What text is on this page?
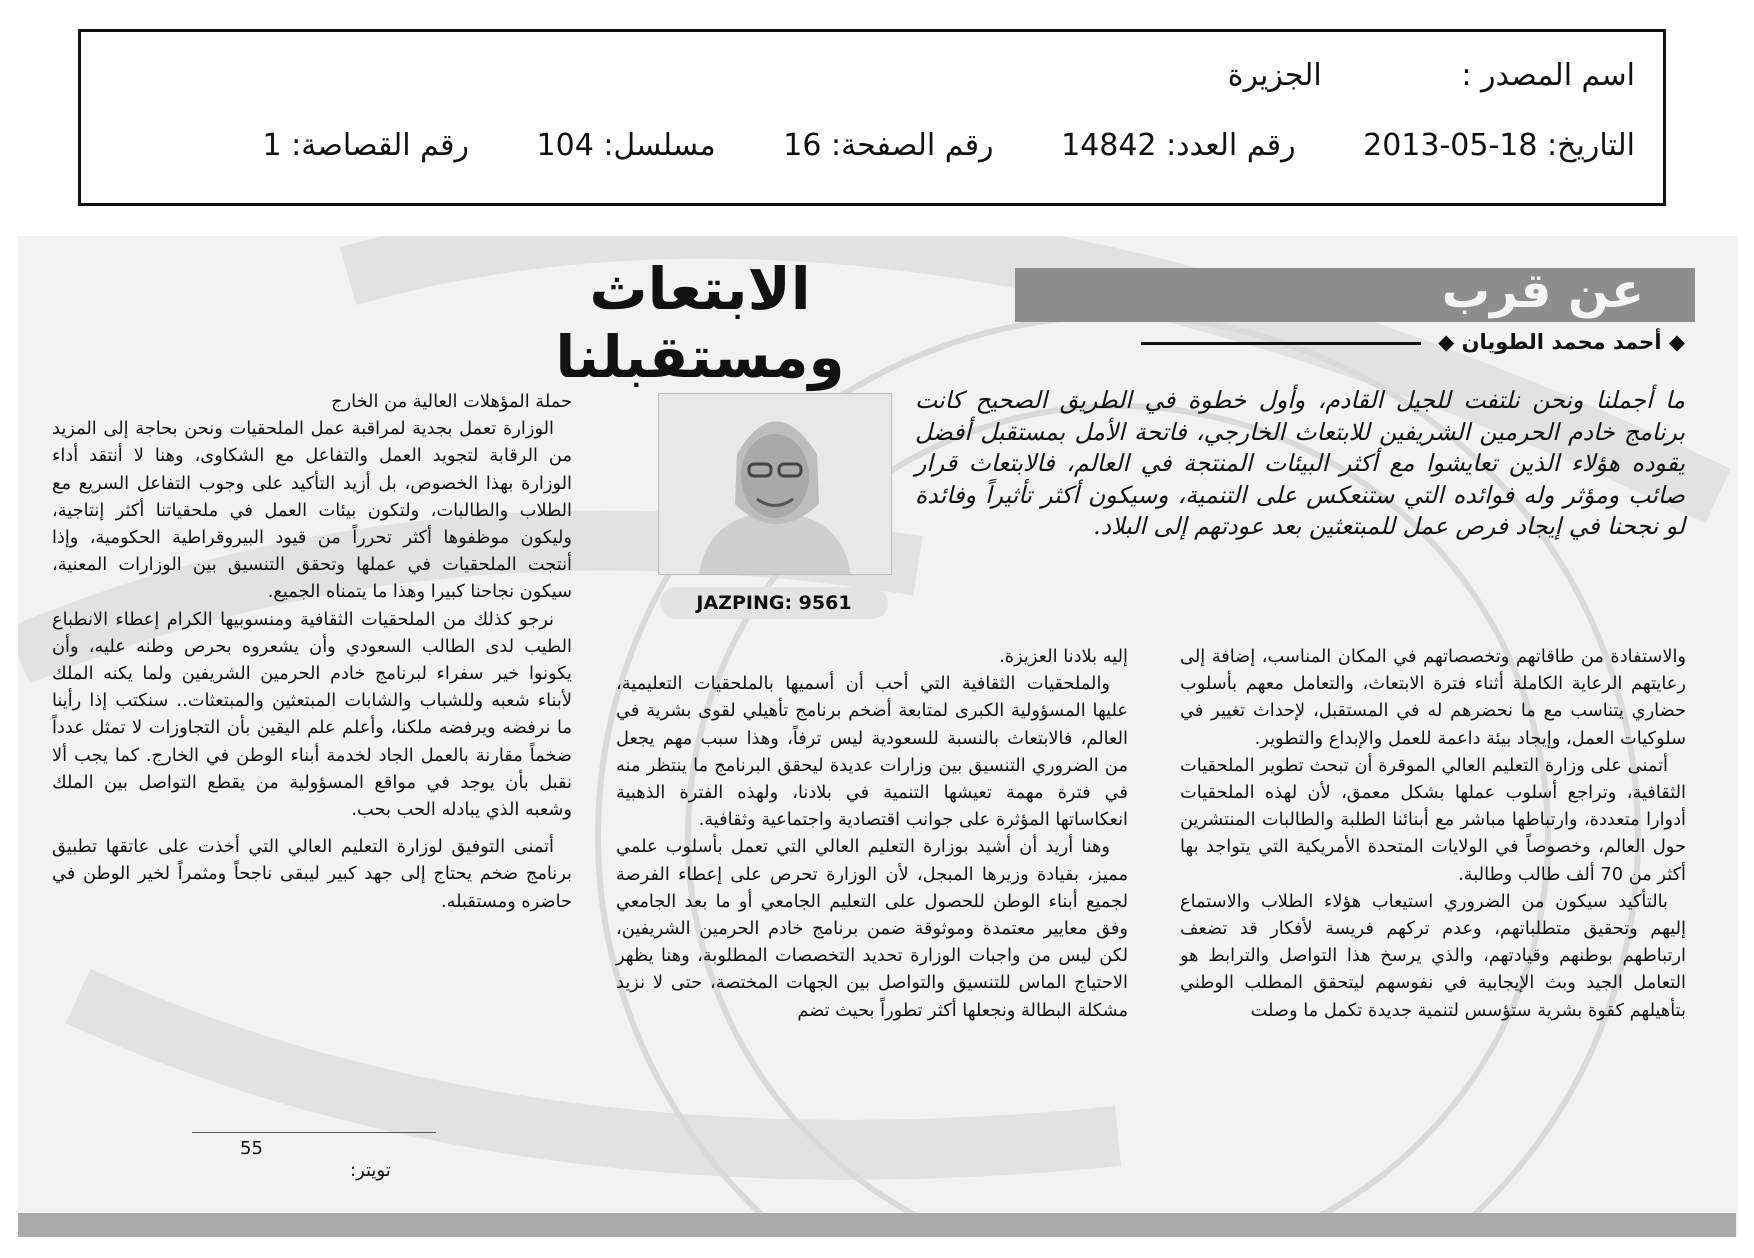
اسم المصدر : الجزيرة
التاريخ: 2013-05-18 رقم العدد: 14842 رقم الصفحة: 16 مسلسل: 104 رقم القصاصة: 1
عن قرب
الابتعاث ومستقبلنا	◆ أحمد محمد الطويان ◆
ما أجملنا ونحن نلتفت للجيل القادم، وأول خطوة في الطريق الصحيح كانت برنامج خادم الحرمين الشريفين للابتعاث الخارجي، فاتحة الأمل بمستقبل أفضل يقوده هؤلاء الذين تعايشوا مع أكثر البيئات المنتجة في العالم، فالابتعاث قرار صائب ومؤثر وله فوائده التي ستنعكس على التنمية، وسيكون أكثر تأثيراً وفائدة لو نجحنا في إيجاد فرص عمل للمبتعثين بعد عودتهم إلى البلاد.
JAZPING: 9561

والاستفادة من طاقاتهم وتخصصاتهم في المكان المناسب، إضافة إلى رعايتهم الرعاية الكاملة أثناء فترة الابتعاث، والتعامل معهم بأسلوب حضاري يتناسب مع ما نحضرهم له في المستقبل، لإحداث تغيير في سلوكيات العمل، وإيجاد بيئة داعمة للعمل والإبداع والتطوير.

أتمنى على وزارة التعليم العالي الموقرة أن تبحث تطوير الملحقيات الثقافية، وتراجع أسلوب عملها بشكل معمق، لأن لهذه الملحقيات أدوارا متعددة، وارتباطها مباشر مع أبنائنا الطلبة والطالبات المنتشرين حول العالم، وخصوصاً في الولايات المتحدة الأمريكية التي يتواجد بها أكثر من 70 ألف طالب وطالبة.

بالتأكيد سيكون من الضروري استيعاب هؤلاء الطلاب والاستماع إليهم وتحقيق متطلباتهم، وعدم تركهم فريسة لأفكار قد تضعف ارتباطهم بوطنهم وقيادتهم، والذي يرسخ هذا التواصل والترابط هو التعامل الجيد وبث الإيجابية في نفوسهم ليتحقق المطلب الوطني بتأهيلهم كقوة بشرية ستؤسس لتنمية جديدة تكمل ما وصلت

إليه بلادنا العزيزة.

والملحقيات الثقافية التي أحب أن أسميها بالملحقيات التعليمية، عليها المسؤولية الكبرى لمتابعة أضخم برنامج تأهيلي لقوى بشرية في العالم، فالابتعاث بالنسبة للسعودية ليس ترفاً، وهذا سبب مهم يجعل من الضروري التنسيق بين وزارات عديدة ليحقق البرنامج ما ينتظر منه في فترة مهمة تعيشها التنمية في بلادنا، ولهذه الفترة الذهبية انعكاساتها المؤثرة على جوانب اقتصادية واجتماعية وثقافية.

وهنا أريد أن أشيد بوزارة التعليم العالي التي تعمل بأسلوب علمي مميز، بقيادة وزيرها المبجل، لأن الوزارة تحرص على إعطاء الفرصة لجميع أبناء الوطن للحصول على التعليم الجامعي أو ما بعد الجامعي وفق معايير معتمدة وموثوقة ضمن برنامج خادم الحرمين الشريفين، لكن ليس من واجبات الوزارة تحديد التخصصات المطلوبة، وهنا يظهر الاحتياج الماس للتنسيق والتواصل بين الجهات المختصة، حتى لا نزيد مشكلة البطالة ونجعلها أكثر تطوراً بحيث تضم

حملة المؤهلات العالية من الخارج

الوزارة تعمل بجدية لمراقبة عمل الملحقيات ونحن بحاجة إلى المزيد من الرقابة لتجويد العمل والتفاعل مع الشكاوى، وهنا لا أنتقد أداء الوزارة بهذا الخصوص، بل أزيد التأكيد على وجوب التفاعل السريع مع الطلاب والطالبات، ولتكون بيئات العمل في ملحقياتنا أكثر إنتاجية، وليكون موظفوها أكثر تحرراً من قيود البيروقراطية الحكومية، وإذا أنتجت الملحقيات في عملها وتحقق التنسيق بين الوزارات المعنية، سيكون نجاحنا كبيرا وهذا ما يتمناه الجميع.

نرجو كذلك من الملحقيات الثقافية ومنسوبيها الكرام إعطاء الانطباع الطيب لدى الطالب السعودي وأن يشعروه بحرص وطنه عليه، وأن يكونوا خير سفراء لبرنامج خادم الحرمين الشريفين ولما يكنه الملك لأبناء شعبه وللشباب والشابات المبتعثين والمبتعثات.. سنكتب إذا رأينا ما نرفضه ويرفضه ملكنا، وأعلم علم اليقين بأن التجاوزات لا تمثل عدداً ضخماً مقارنة بالعمل الجاد لخدمة أبناء الوطن في الخارج. كما يجب ألا نقبل بأن يوجد في مواقع المسؤولية من يقطع التواصل بين الملك وشعبه الذي يبادله الحب بحب.

أتمنى التوفيق لوزارة التعليم العالي التي أخذت على عاتقها تطبيق برنامج ضخم يحتاج إلى جهد كبير ليبقى ناجحاً ومثمراً لخير الوطن في حاضره ومستقبله.

55
تويتر:
